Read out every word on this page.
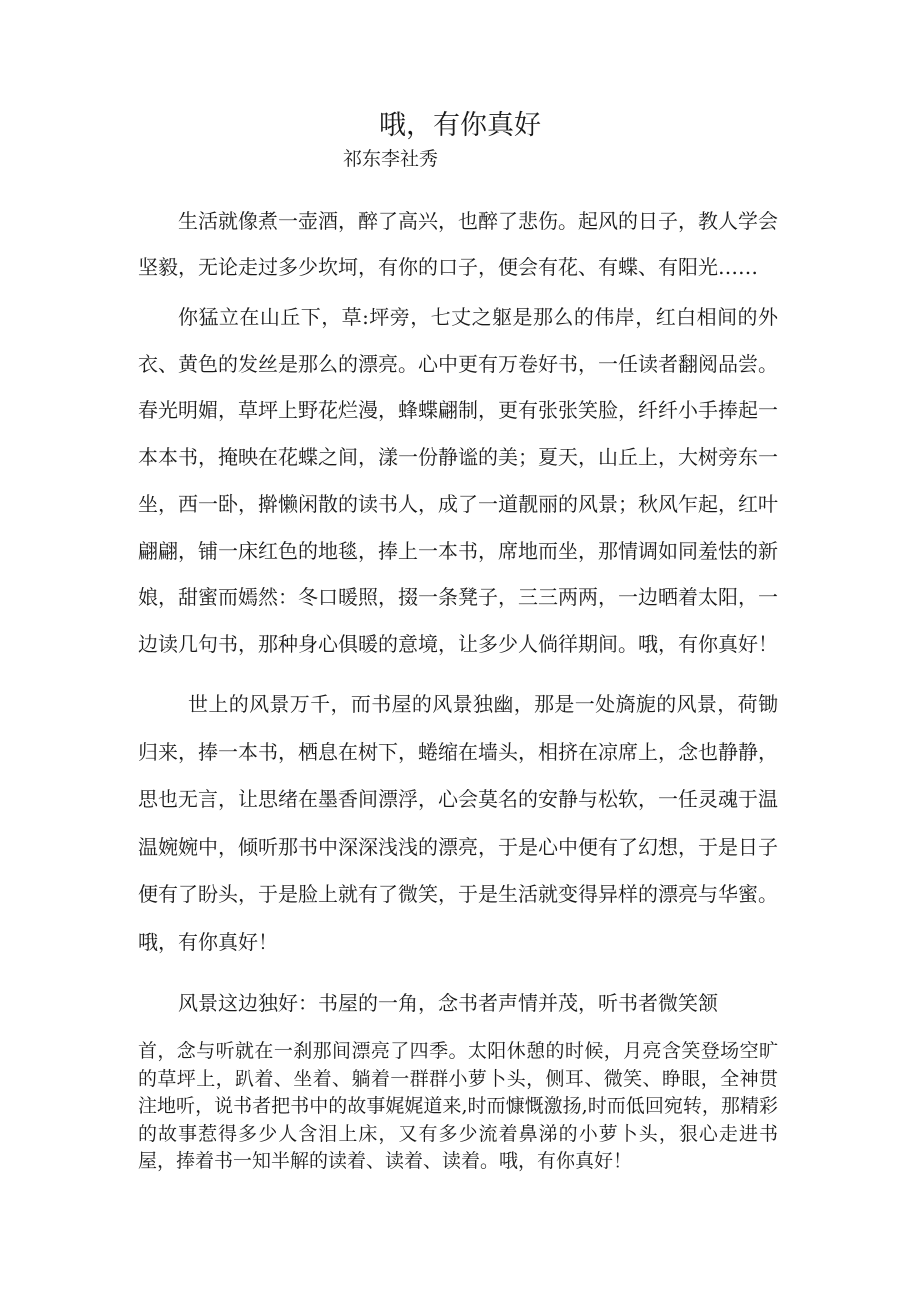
哦，有你真好
祁东李社秀

生活就像煮一壶酒，醉了高兴，也醉了悲伤。起风的日子，教人学会坚毅，无论走过多少坎坷，有你的口子，便会有花、有蝶、有阳光……

你猛立在山丘下，草:坪旁，七丈之躯是那么的伟岸，红白相间的外衣、黄色的发丝是那么的漂亮。心中更有万卷好书，一任读者翻阅品尝。春光明媚，草坪上野花烂漫，蜂蝶翩制，更有张张笑脸，纤纤小手捧起一本本书，掩映在花蝶之间，漾一份静谧的美；夏天，山丘上，大树旁东一坐，西一卧，擀懒闲散的读书人，成了一道靓丽的风景；秋风乍起，红叶翩翩，铺一床红色的地毯，捧上一本书，席地而坐，那情调如同羞怯的新娘，甜蜜而嫣然：冬口暖照，掇一条凳子，三三两两，一边晒着太阳，一边读几句书，那种身心俱暖的意境，让多少人倘徉期间。哦，有你真好！

世上的风景万千，而书屋的风景独幽，那是一处旖旎的风景，荷锄归来，捧一本书，栖息在树下，蜷缩在墙头，相挤在凉席上，念也静静，思也无言，让思绪在墨香间漂浮，心会莫名的安静与松软，一任灵魂于温温婉婉中，倾听那书中深深浅浅的漂亮，于是心中便有了幻想，于是日子便有了盼头，于是脸上就有了微笑，于是生活就变得异样的漂亮与华蜜。哦，有你真好！

风景这边独好：书屋的一角，念书者声情并茂，听书者微笑颔

首，念与听就在一刹那间漂亮了四季。太阳休憩的时候，月亮含笑登场空旷的草坪上，趴着、坐着、躺着一群群小萝卜头，侧耳、微笑、睁眼，全神贯注地听，说书者把书中的故事娓娓道来,时而慷慨激扬,时而低回宛转，那精彩的故事惹得多少人含泪上床，又有多少流着鼻涕的小萝卜头，狠心走进书屋，捧着书一知半解的读着、读着、读着。哦，有你真好！
